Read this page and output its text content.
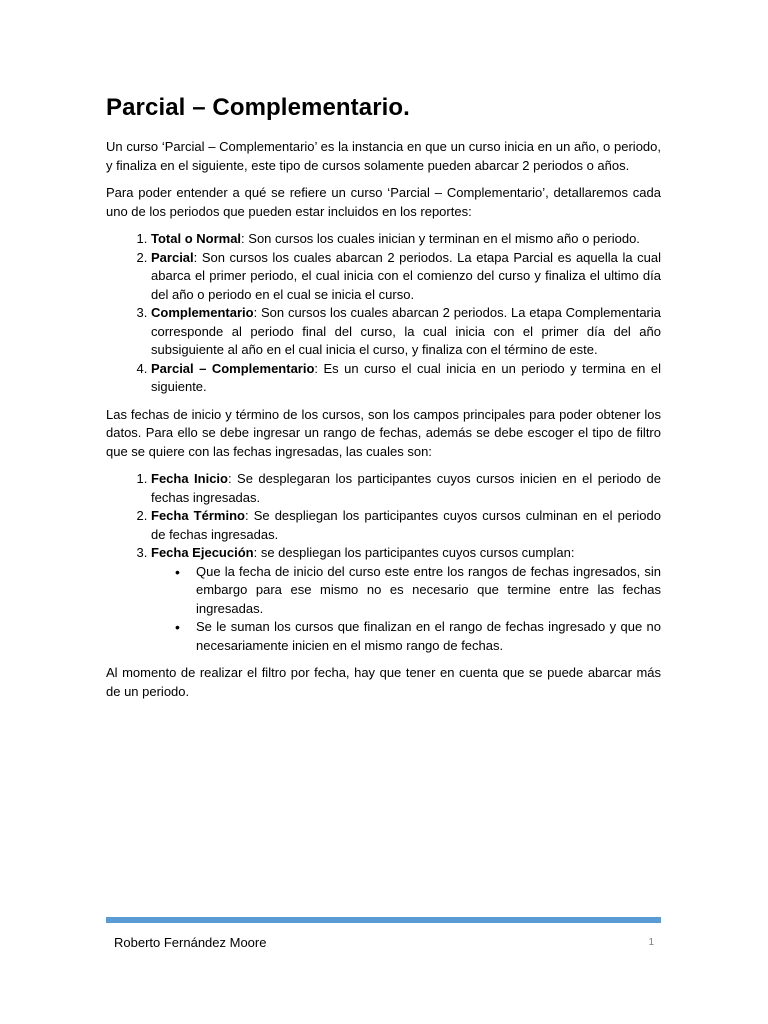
Parcial – Complementario.

Un curso ‘Parcial – Complementario’ es la instancia en que un curso inicia en un año, o periodo, y finaliza en el siguiente, este tipo de cursos solamente pueden abarcar 2 periodos o años.

Para poder entender a qué se refiere un curso ‘Parcial – Complementario’, detallaremos cada uno de los periodos que pueden estar incluidos en los reportes:

1. Total o Normal: Son cursos los cuales inician y terminan en el mismo año o periodo.
2. Parcial: Son cursos los cuales abarcan 2 periodos. La etapa Parcial es aquella la cual abarca el primer periodo, el cual inicia con el comienzo del curso y finaliza el ultimo día del año o periodo en el cual se inicia el curso.
3. Complementario: Son cursos los cuales abarcan 2 periodos. La etapa Complementaria corresponde al periodo final del curso, la cual inicia con el primer día del año subsiguiente al año en el cual inicia el curso, y finaliza con el término de este.
4. Parcial – Complementario: Es un curso el cual inicia en un periodo y termina en el siguiente.

Las fechas de inicio y término de los cursos, son los campos principales para poder obtener los datos. Para ello se debe ingresar un rango de fechas, además se debe escoger el tipo de filtro que se quiere con las fechas ingresadas, las cuales son:

1. Fecha Inicio: Se desplegaran los participantes cuyos cursos inicien en el periodo de fechas ingresadas.
2. Fecha Término: Se despliegan los participantes cuyos cursos culminan en el periodo de fechas ingresadas.
3. Fecha Ejecución: se despliegan los participantes cuyos cursos cumplan:
• Que la fecha de inicio del curso este entre los rangos de fechas ingresados, sin embargo para ese mismo no es necesario que termine entre las fechas ingresadas.
• Se le suman los cursos que finalizan en el rango de fechas ingresado y que no necesariamente inicien en el mismo rango de fechas.

Al momento de realizar el filtro por fecha, hay que tener en cuenta que se puede abarcar más de un periodo.

Roberto Fernández Moore	1
